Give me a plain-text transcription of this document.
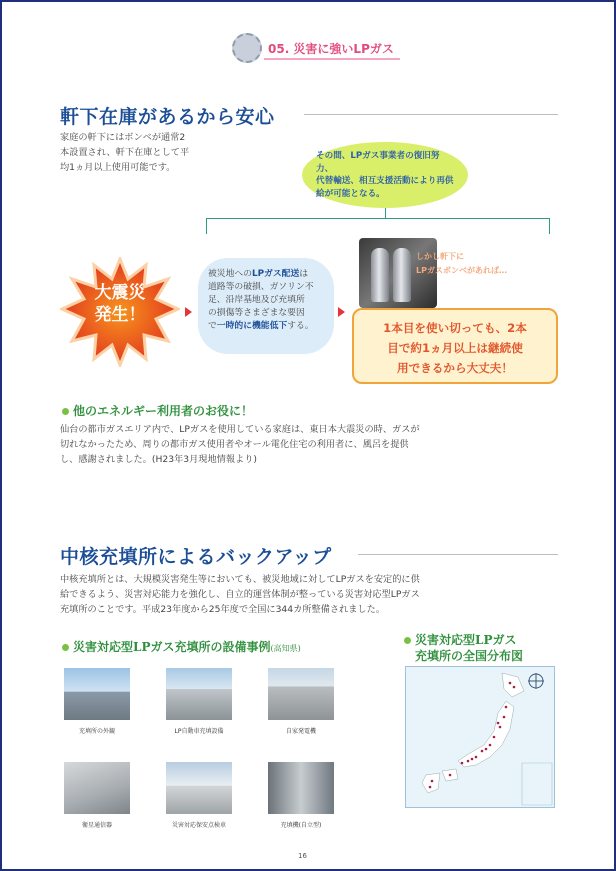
05. 災害に強いLPガス
軒下在庫があるから安心
家庭の軒下にはボンベが通常2
本設置され、軒下在庫として平
均1ヵ月以上使用可能です。
その間、LPガス事業者の復旧努力、
代替輸送、相互支援活動により再供
給が可能となる。
大震災
発生！
被災地へのLPガス配送は
道路等の破損、ガソリン不
足、沿岸基地及び充填所
の損傷等さまざまな要因
で一時的に機能低下する。
しかし軒下に
LPガスボンベがあれば…
1本目を使い切っても、2本
目で約1ヵ月以上は継続使
用できるから大丈夫！
他のエネルギー利用者のお役に！
仙台の都市ガスエリア内で、LPガスを使用している家庭は、東日本大震災の時、ガスが
切れなかったため、周りの都市ガス使用者やオール電化住宅の利用者に、風呂を提供
し、感謝されました。(H23年3月現地情報より)
中核充填所によるバックアップ
中核充填所とは、大規模災害発生等においても、被災地域に対してLPガスを安定的に供
給できるよう、災害対応能力を強化し、自立的運営体制が整っている災害対応型LPガス
充填所のことです。平成23年度から25年度で全国に344カ所整備されました。
災害対応型LPガス充填所の設備事例(高知県)
充填所の外観	LP自動車充填設備	自家発電機
衛星通信器	災害対応保安点検車	充填機(自立型)
災害対応型LPガス
充填所の全国分布図
16
